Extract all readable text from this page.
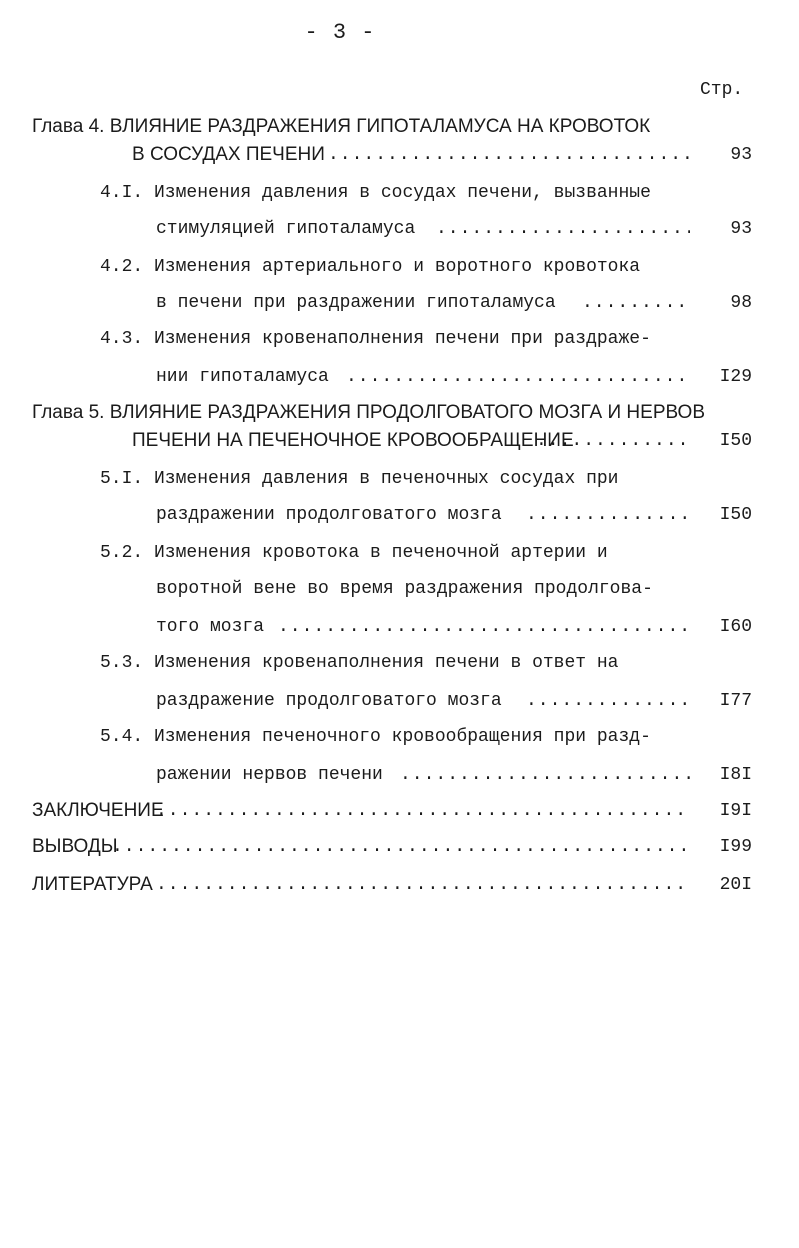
- 3 -
Стр.
Глава 4. ВЛИЯНИЕ РАЗДРАЖЕНИЯ ГИПОТАЛАМУСА НА КРОВОТОК
В СОСУДАХ ПЕЧЕНИ .....	93
4.I. Изменения давления в сосудах печени, вызванные
стимуляцией гипоталамуса .....	93
4.2. Изменения артериального и воротного кровотока
в печени при раздражении гипоталамуса .....	98
4.3. Изменения кровенаполнения печени при раздраже-
нии гипоталамуса .....	I29
Глава 5. ВЛИЯНИЕ РАЗДРАЖЕНИЯ ПРОДОЛГОВАТОГО МОЗГА И НЕРВОВ
ПЕЧЕНИ НА ПЕЧЕНОЧНОЕ КРОВООБРАЩЕНИЕ .....	I50
5.I. Изменения давления в печеночных сосудах при
раздражении продолговатого мозга .....	I50
5.2. Изменения кровотока в печеночной артерии и
воротной вене во время раздражения продолгова-
того мозга .....	I60
5.3. Изменения кровенаполнения печени в ответ на
раздражение продолговатого мозга .....	I77
5.4. Изменения печеночного кровообращения при разд-
ражении нервов печени .....	I8I
ЗАКЛЮЧЕНИЕ .....	I9I
ВЫВОДЫ .....	I99
ЛИТЕРАТУРА .....	20I
